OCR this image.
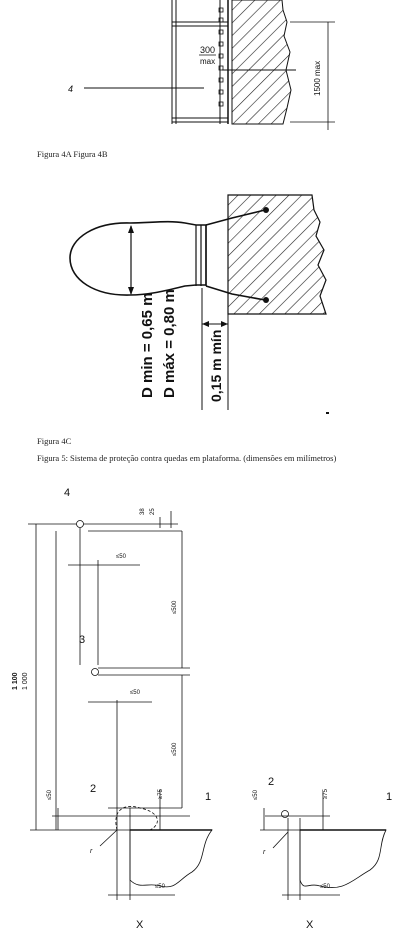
300
max	1500 max
4
Figura 4A Figura 4B
D min = 0,65 m D máx = 0,80 m 0,15 m mín
Figura 4C
Figura 5: Sistema de proteção contra quedas em plataforma. (dimensões em milímetros)
38 25
4
≤50
≤500
3
1 100 1 000
≤50
≤500
≤50	≥75
2
1
r
≤50
X
≤50	≥75
2
1
r
≤50
X
